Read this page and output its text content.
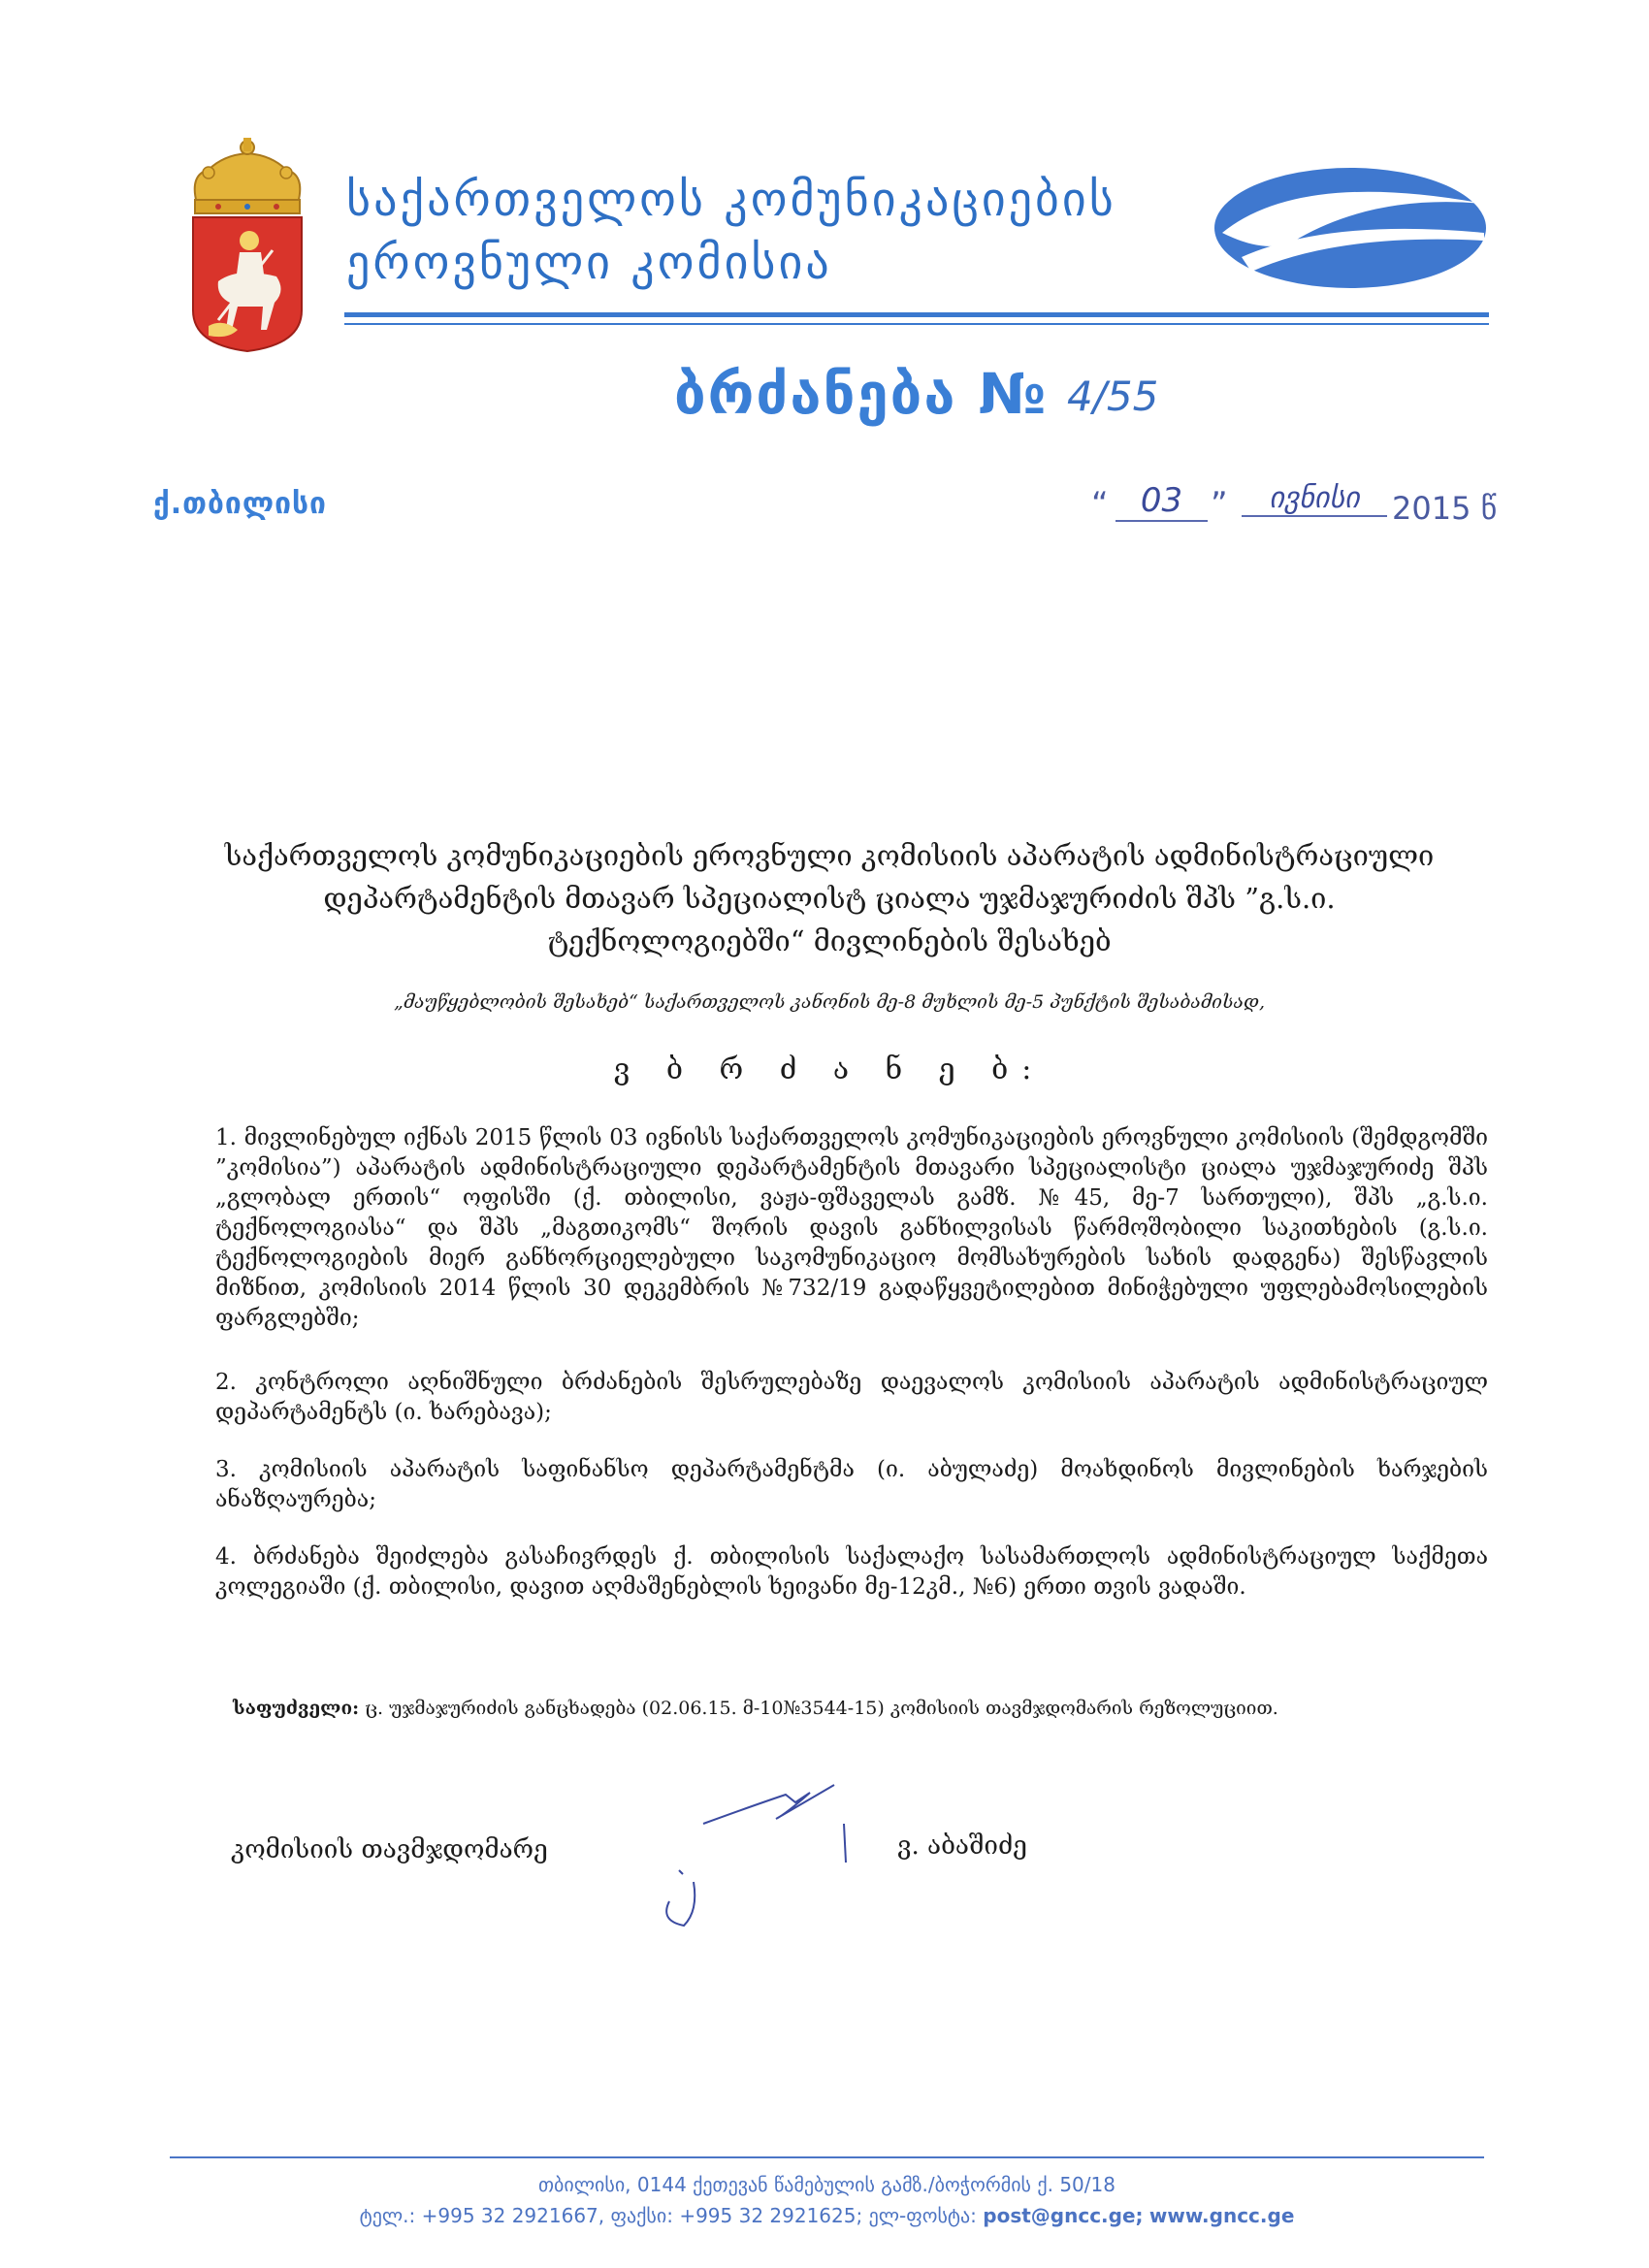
საქართველოს კომუნიკაციების
ეროვნული კომისია
ბრძანება № 4/55
ქ.თბილისი	“ 03 ”	ივნისი	2015 წ
საქართველოს კომუნიკაციების ეროვნული კომისიის აპარატის ადმინისტრაციული დეპარტამენტის მთავარ სპეციალისტ ციალა უჯმაჯურიძის შპს ”გ.ს.ი. ტექნოლოგიებში“ მივლინების შესახებ
„მაუწყებლობის შესახებ“ საქართველოს კანონის მე-8 მუხლის მე-5 პუნქტის შესაბამისად,
ვ ბ რ ძ ა ნ ე ბ:
1. მივლინებულ იქნას 2015 წლის 03 ივნისს საქართველოს კომუნიკაციების ეროვნული კომისიის (შემდგომში ”კომისია”) აპარატის ადმინისტრაციული დეპარტამენტის მთავარი სპეციალისტი ციალა უჯმაჯურიძე შპს „გლობალ ერთის“ ოფისში (ქ. თბილისი, ვაჟა-ფშაველას გამზ. №45, მე-7 სართული), შპს „გ.ს.ი. ტექნოლოგიასა“ და შპს „მაგთიკომს“ შორის დავის განხილვისას წარმოშობილი საკითხების (გ.ს.ი. ტექნოლოგიების მიერ განხორციელებული საკომუნიკაციო მომსახურების სახის დადგენა) შესწავლის მიზნით, კომისიის 2014 წლის 30 დეკემბრის №732/19 გადაწყვეტილებით მინიჭებული უფლებამოსილების ფარგლებში;
2. კონტროლი აღნიშნული ბრძანების შესრულებაზე დაევალოს კომისიის აპარატის ადმინისტრაციულ დეპარტამენტს (ი. ხარებავა);
3. კომისიის აპარატის საფინანსო დეპარტამენტმა (ი. აბულაძე) მოახდინოს მივლინების ხარჯების ანაზღაურება;
4. ბრძანება შეიძლება გასაჩივრდეს ქ. თბილისის საქალაქო სასამართლოს ადმინისტრაციულ საქმეთა კოლეგიაში (ქ. თბილისი, დავით აღმაშენებლის ხეივანი მე-12კმ., №6) ერთი თვის ვადაში.
საფუძველი: ც. უჯმაჯურიძის განცხადება (02.06.15. მ-10№3544-15) კომისიის თავმჯდომარის რეზოლუციით.
კომისიის თავმჯდომარე	ვ. აბაშიძე
თბილისი, 0144 ქეთევან წამებულის გამზ./ბოჭორმის ქ. 50/18
ტელ.: +995 32 2921667, ფაქსი: +995 32 2921625; ელ-ფოსტა: post@gncc.ge; www.gncc.ge
